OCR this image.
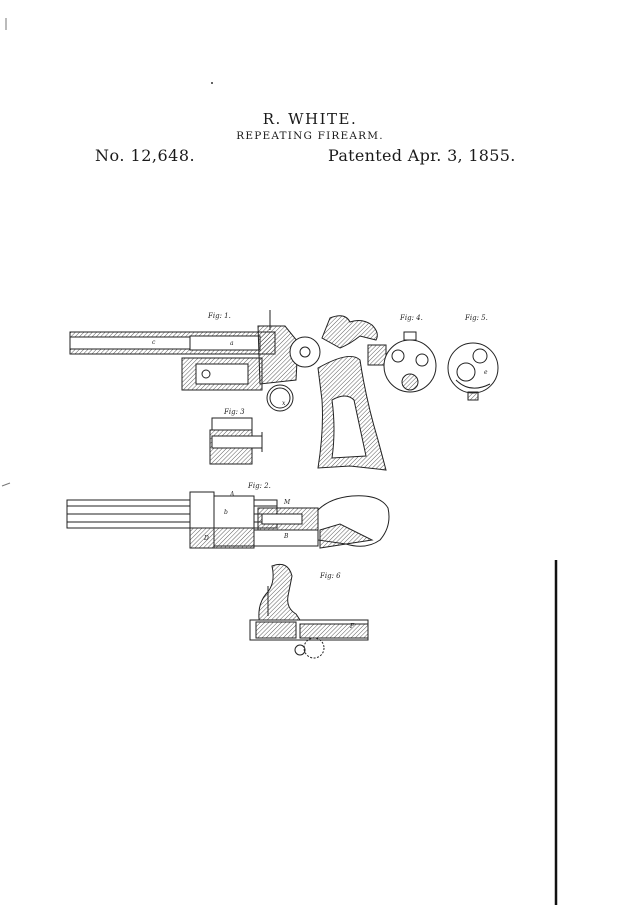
R. WHITE.
REPEATING FIREARM.
No. 12,648.	Patented Apr. 3, 1855.
Fig: 1.
c	a
x
Fig: 3
Fig: 4.	Fig: 5.
e
Fig: 2.
A
b
B
D
M
Fig: 6
F
